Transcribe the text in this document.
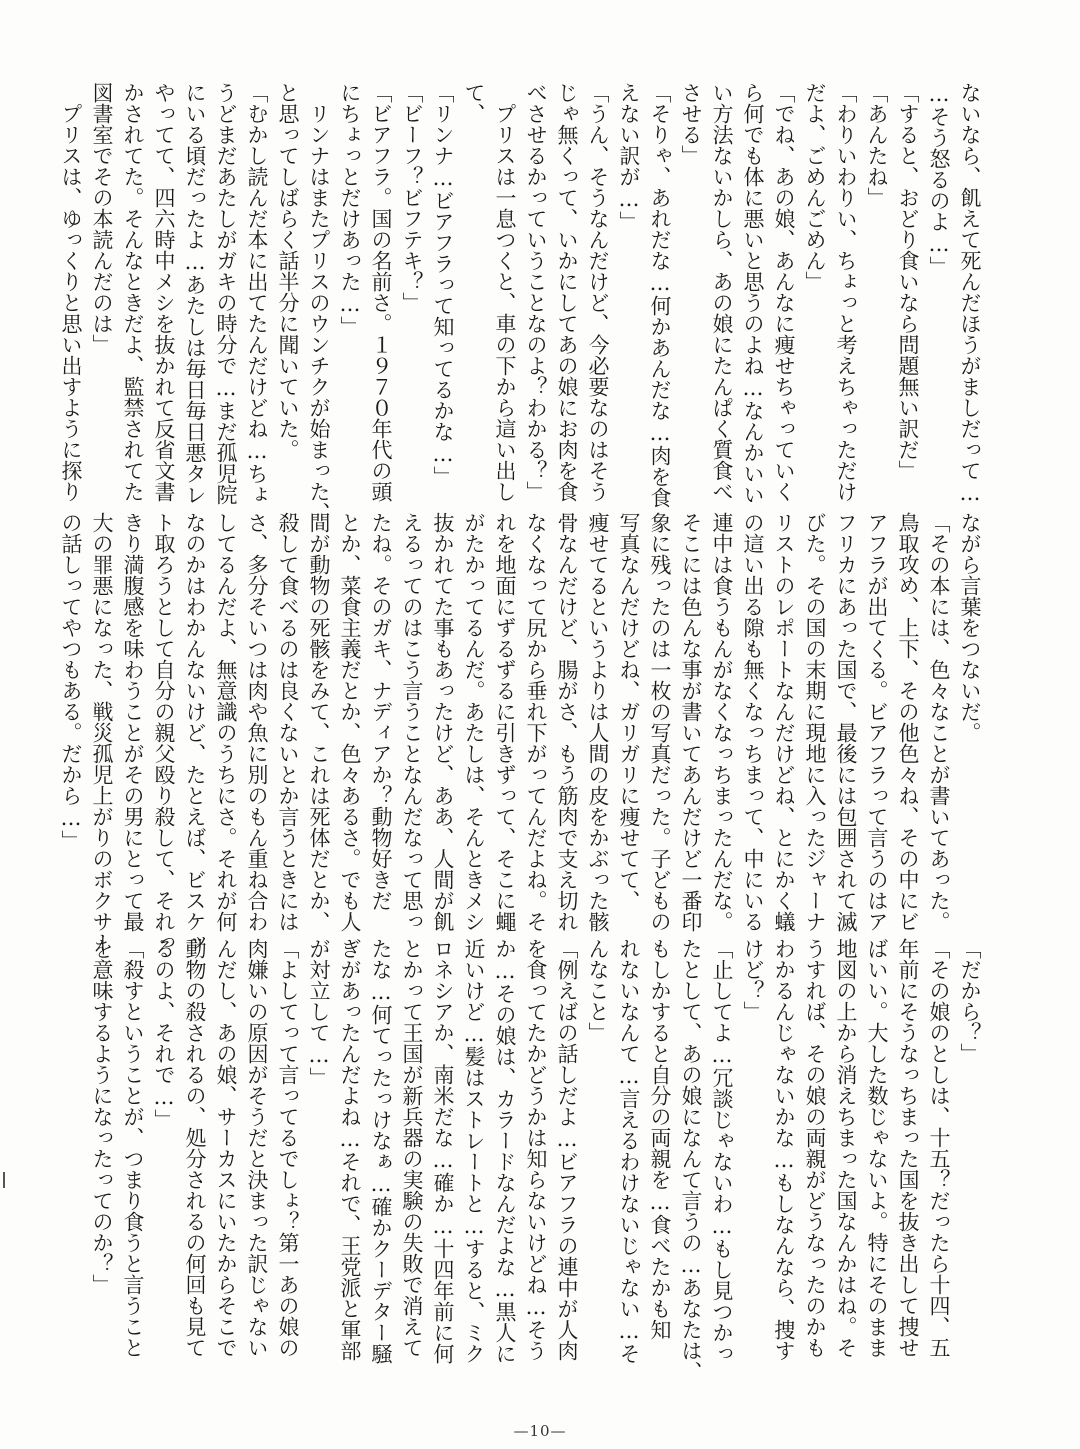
ないなら、飢えて死んだほうがましだって…
…そう怒るのよ…」
「すると、おどり食いなら問題無い訳だ」
「あんたね」
「わりいわりい、ちょっと考えちゃっただけ
だよ、ごめんごめん」
「でね、あの娘、あんなに痩せちゃっていく
ら何でも体に悪いと思うのよね…なんかいい
い方法ないかしら、あの娘にたんぱく質食べ
させる」
「そりゃ、あれだな…何かあんだな…肉を食
えない訳が…」
「うん、そうなんだけど、今必要なのはそう
じゃ無くって、いかにしてあの娘にお肉を食
べさせるかっていうことなのよ？わかる？」
　プリスは一息つくと、車の下から這い出し
て、
「リンナ…ビアフラって知ってるかな…」
「ビーフ？ビフテキ？」
「ビアフラ。国の名前さ。１９７０年代の頭
にちょっとだけあった…」
　リンナはまたプリスのウンチクが始まった、
と思ってしばらく話半分に聞いていた。
「むかし読んだ本に出てたんだけどね…ちょ
うどまだあたしがガキの時分で…まだ孤児院
にいる頃だったよ…あたしは毎日毎日悪タレ
やってて、四六時中メシを抜かれて反省文書
かされてた。そんなときだよ、監禁されてた
図書室でその本読んだのは」
　プリスは、ゆっくりと思い出すように探り
ながら言葉をつないだ。
「その本には、色々なことが書いてあった。
鳥取攻め、上下、その他色々ね、その中にビ
アフラが出てくる。ビアフラって言うのはア
フリカにあった国で、最後には包囲されて滅
びた。その国の末期に現地に入ったジャーナ
リストのレポートなんだけどね、とにかく蟻
の這い出る隙も無くなっちまって、中にいる
連中は食うもんがなくなっちまったんだな。
そこには色んな事が書いてあんだけど一番印
象に残ったのは一枚の写真だった。子どもの
写真なんだけどね、ガリガリに痩せてて、
痩せてるというよりは人間の皮をかぶった骸
骨なんだけど、腸がさ、もう筋肉で支え切れ
なくなって尻から垂れ下がってんだよね。そ
れを地面にずるずるに引きずって、そこに蠅
がたかってるんだ。あたしは、そんときメシ
抜かれてた事もあったけど、ああ、人間が飢
えるってのはこう言うことなんだなって思っ
たね。そのガキ、ナディアか？動物好きだ
とか、菜食主義だとか、色々あるさ。でも人
間が動物の死骸をみて、これは死体だとか、
殺して食べるのは良くないとか言うときには
さ、多分そいつは肉や魚に別のもん重ね合わ
してるんだよ、無意識のうちにさ。それが何
なのかはわかんないけど、たとえば、ビスケッ
ト取ろうとして自分の親父殴り殺して、それっ
きり満腹感を味わうことがその男にとって最
大の罪悪になった、戦災孤児上がりのボクサー
の話しってやつもある。だから…」
「だから？」
「その娘のとしは、十五？だったら十四、五
年前にそうなっちまった国を抜き出して捜せ
ばいい。大した数じゃないよ。特にそのまま
地図の上から消えちまった国なんかはね。そ
うすれば、その娘の両親がどうなったのかも
わかるんじゃないかな…もしなんなら、捜す
けど？」
「止してよ…冗談じゃないわ…もし見つかっ
たとして、あの娘になんて言うの…あなたは、
もしかすると自分の両親を…食べたかも知
れないなんて…言えるわけないじゃない…そ
んなこと」
「例えばの話しだよ…ビアフラの連中が人肉
を食ってたかどうかは知らないけどね…そう
か…その娘は、カラードなんだよな…黒人に
近いけど…髪はストレートと…すると、ミク
ロネシアか、南米だな…確か…十四年前に何
とかって王国が新兵器の実験の失敗で消えて
たな…何てったっけなぁ…確かクーデター騒
ぎがあったんだよね…それで、王党派と軍部
が対立して…」
「よしてって言ってるでしょ？第一あの娘の
肉嫌いの原因がそうだと決まった訳じゃない
んだし、あの娘、サーカスにいたからそこで
動物の殺されるの、処分されるの何回も見て
るのよ、それで…」
「殺すということが、つまり食うと言うこと
を意味するようになったってのか？」
—10—
